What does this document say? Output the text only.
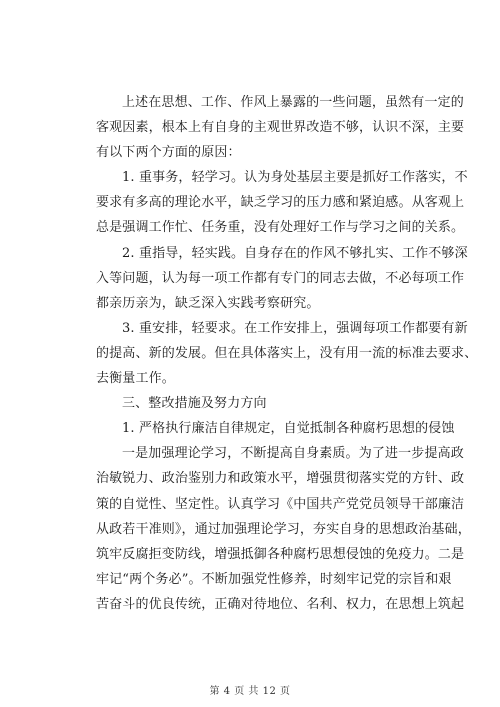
上述在思想、工作、作风上暴露的一些问题，虽然有一定的
客观因素，根本上有自身的主观世界改造不够，认识不深，主要
有以下两个方面的原因：
1. 重事务，轻学习。认为身处基层主要是抓好工作落实，不
要求有多高的理论水平，缺乏学习的压力感和紧迫感。从客观上
总是强调工作忙、任务重，没有处理好工作与学习之间的关系。
2. 重指导，轻实践。自身存在的作风不够扎实、工作不够深
入等问题，认为每一项工作都有专门的同志去做，不必每项工作
都亲历亲为，缺乏深入实践考察研究。
3. 重安排，轻要求。在工作安排上，强调每项工作都要有新
的提高、新的发展。但在具体落实上，没有用一流的标准去要求、
去衡量工作。
三、整改措施及努力方向
1. 严格执行廉洁自律规定，自觉抵制各种腐朽思想的侵蚀
一是加强理论学习，不断提高自身素质。为了进一步提高政
治敏锐力、政治鉴别力和政策水平，增强贯彻落实党的方针、政
策的自觉性、坚定性。认真学习《中国共产党党员领导干部廉洁
从政若干准则》，通过加强理论学习，夯实自身的思想政治基础，
筑牢反腐拒变防线，增强抵御各种腐朽思想侵蚀的免疫力。二是
牢记“两个务必”。不断加强党性修养，时刻牢记党的宗旨和艰
苦奋斗的优良传统，正确对待地位、名利、权力，在思想上筑起
第 4 页 共 12 页
